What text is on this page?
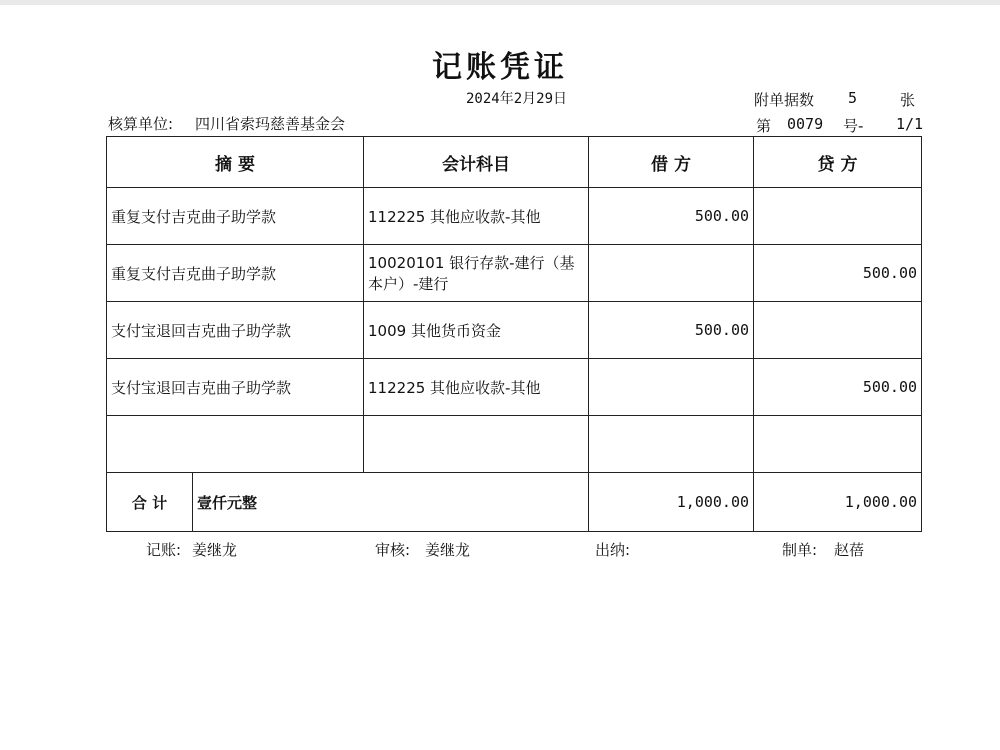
记账凭证
2024年2月29日
核算单位: 四川省索玛慈善基金会
附单据数 5	张
第 0079 号- 1/1
摘 要		会计科目	借 方	贷 方
重复支付吉克曲子助学款		112225 其他应收款-其他	500.00	
重复支付吉克曲子助学款		10020101 银行存款-建行（基本户）-建行		500.00
支付宝退回吉克曲子助学款		1009 其他货币资金	500.00	
支付宝退回吉克曲子助学款		112225 其他应收款-其他		500.00

合 计	壹仟元整		1,000.00	1,000.00
记账: 姜继龙	审核: 姜继龙	出纳:	制单: 赵蓓
